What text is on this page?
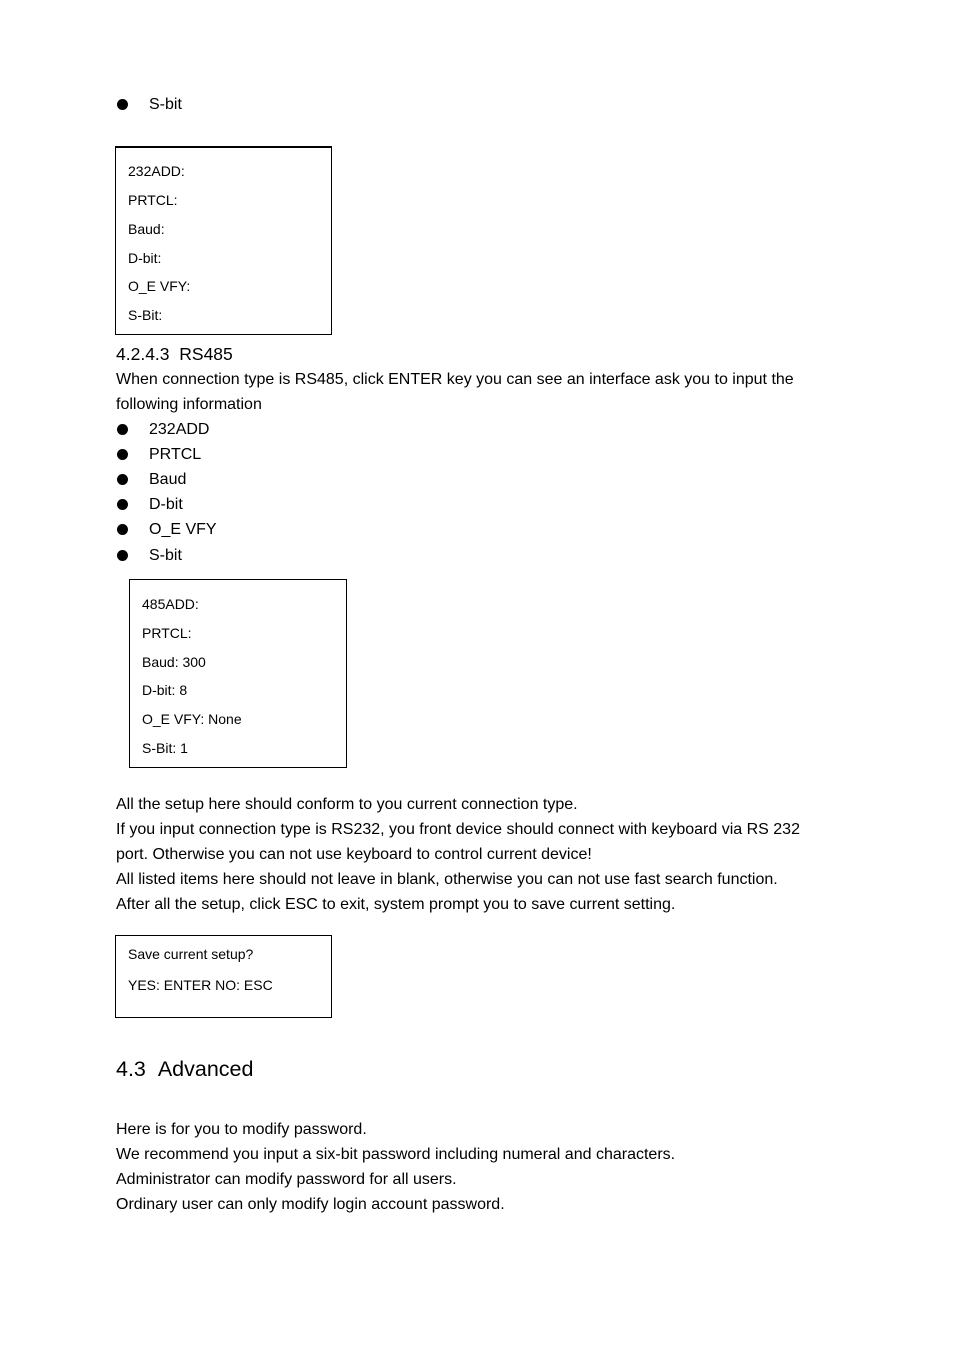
S-bit
232ADD:
PRTCL:
Baud:
D-bit:
O_E VFY:
S-Bit:
4.2.4.3 RS485
When connection type is RS485, click ENTER key you can see an interface ask you to input the
following information
232ADD
PRTCL
Baud
D-bit
O_E VFY
S-bit
485ADD:
PRTCL:
Baud: 300
D-bit: 8
O_E VFY: None
S-Bit: 1
All the setup here should conform to you current connection type.
If you input connection type is RS232, you front device should connect with keyboard via RS 232
port. Otherwise you can not use keyboard to control current device!
All listed items here should not leave in blank, otherwise you can not use fast search function.
After all the setup, click ESC to exit, system prompt you to save current setting.
Save current setup?
YES: ENTER NO: ESC
4.3 Advanced
Here is for you to modify password.
We recommend you input a six-bit password including numeral and characters.
Administrator can modify password for all users.
Ordinary user can only modify login account password.
